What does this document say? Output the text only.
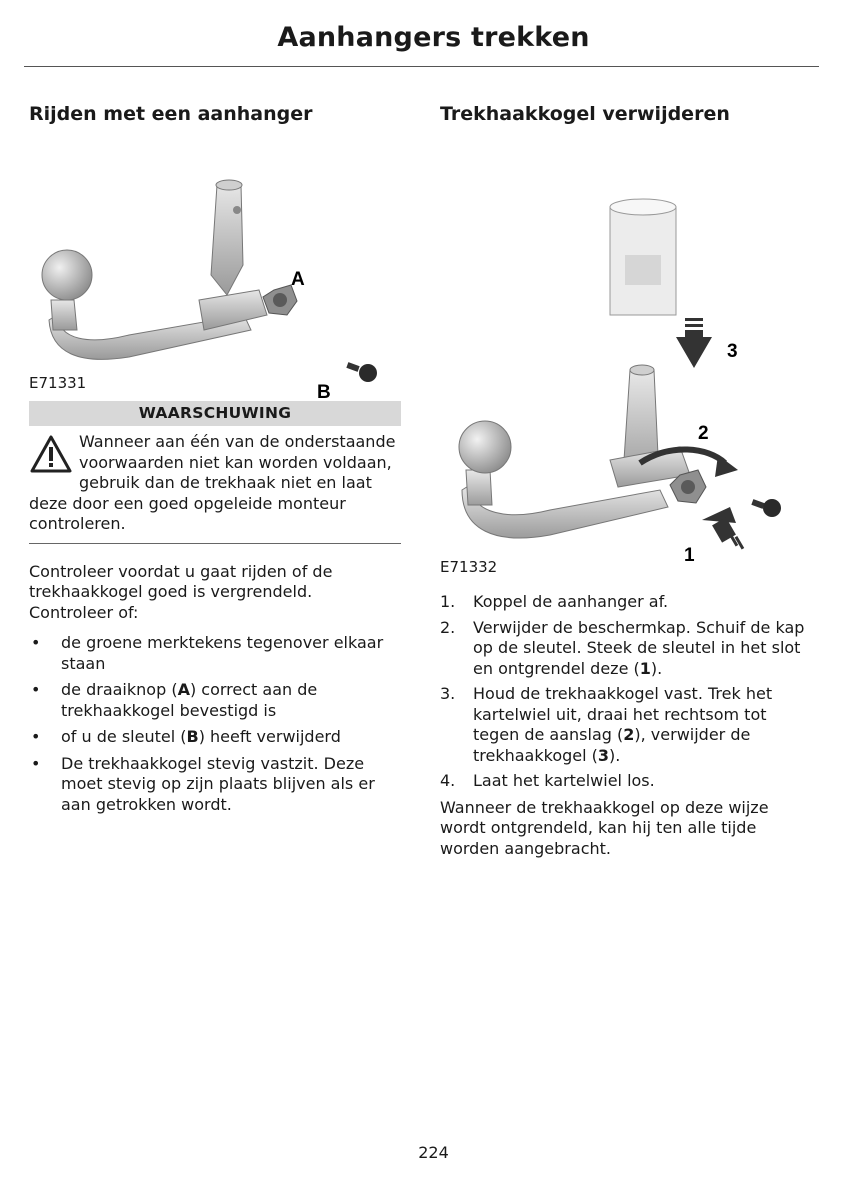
Aanhangers trekken
Rijden met een aanhanger
A
B
E71331
WAARSCHUWING
Wanneer aan één van de onderstaande voorwaarden niet kan worden voldaan, gebruik dan de trekhaak niet en laat deze door een goed opgeleide monteur controleren.

Controleer voordat u gaat rijden of de trekhaakkogel goed is vergrendeld. Controleer of:

• de groene merktekens tegenover elkaar staan
• de draaiknop (A) correct aan de trekhaakkogel bevestigd is
• of u de sleutel (B) heeft verwijderd
• De trekhaakkogel stevig vastzit. Deze moet stevig op zijn plaats blijven als er aan getrokken wordt.
Trekhaakkogel verwijderen
3
2
1
E71332
1. Koppel de aanhanger af.
2. Verwijder de beschermkap. Schuif de kap op de sleutel. Steek de sleutel in het slot en ontgrendel deze (1).
3. Houd de trekhaakkogel vast. Trek het kartelwiel uit, draai het rechtsom tot tegen de aanslag (2), verwijder de trekhaakkogel (3).
4. Laat het kartelwiel los.

Wanneer de trekhaakkogel op deze wijze wordt ontgrendeld, kan hij ten alle tijde worden aangebracht.

224
